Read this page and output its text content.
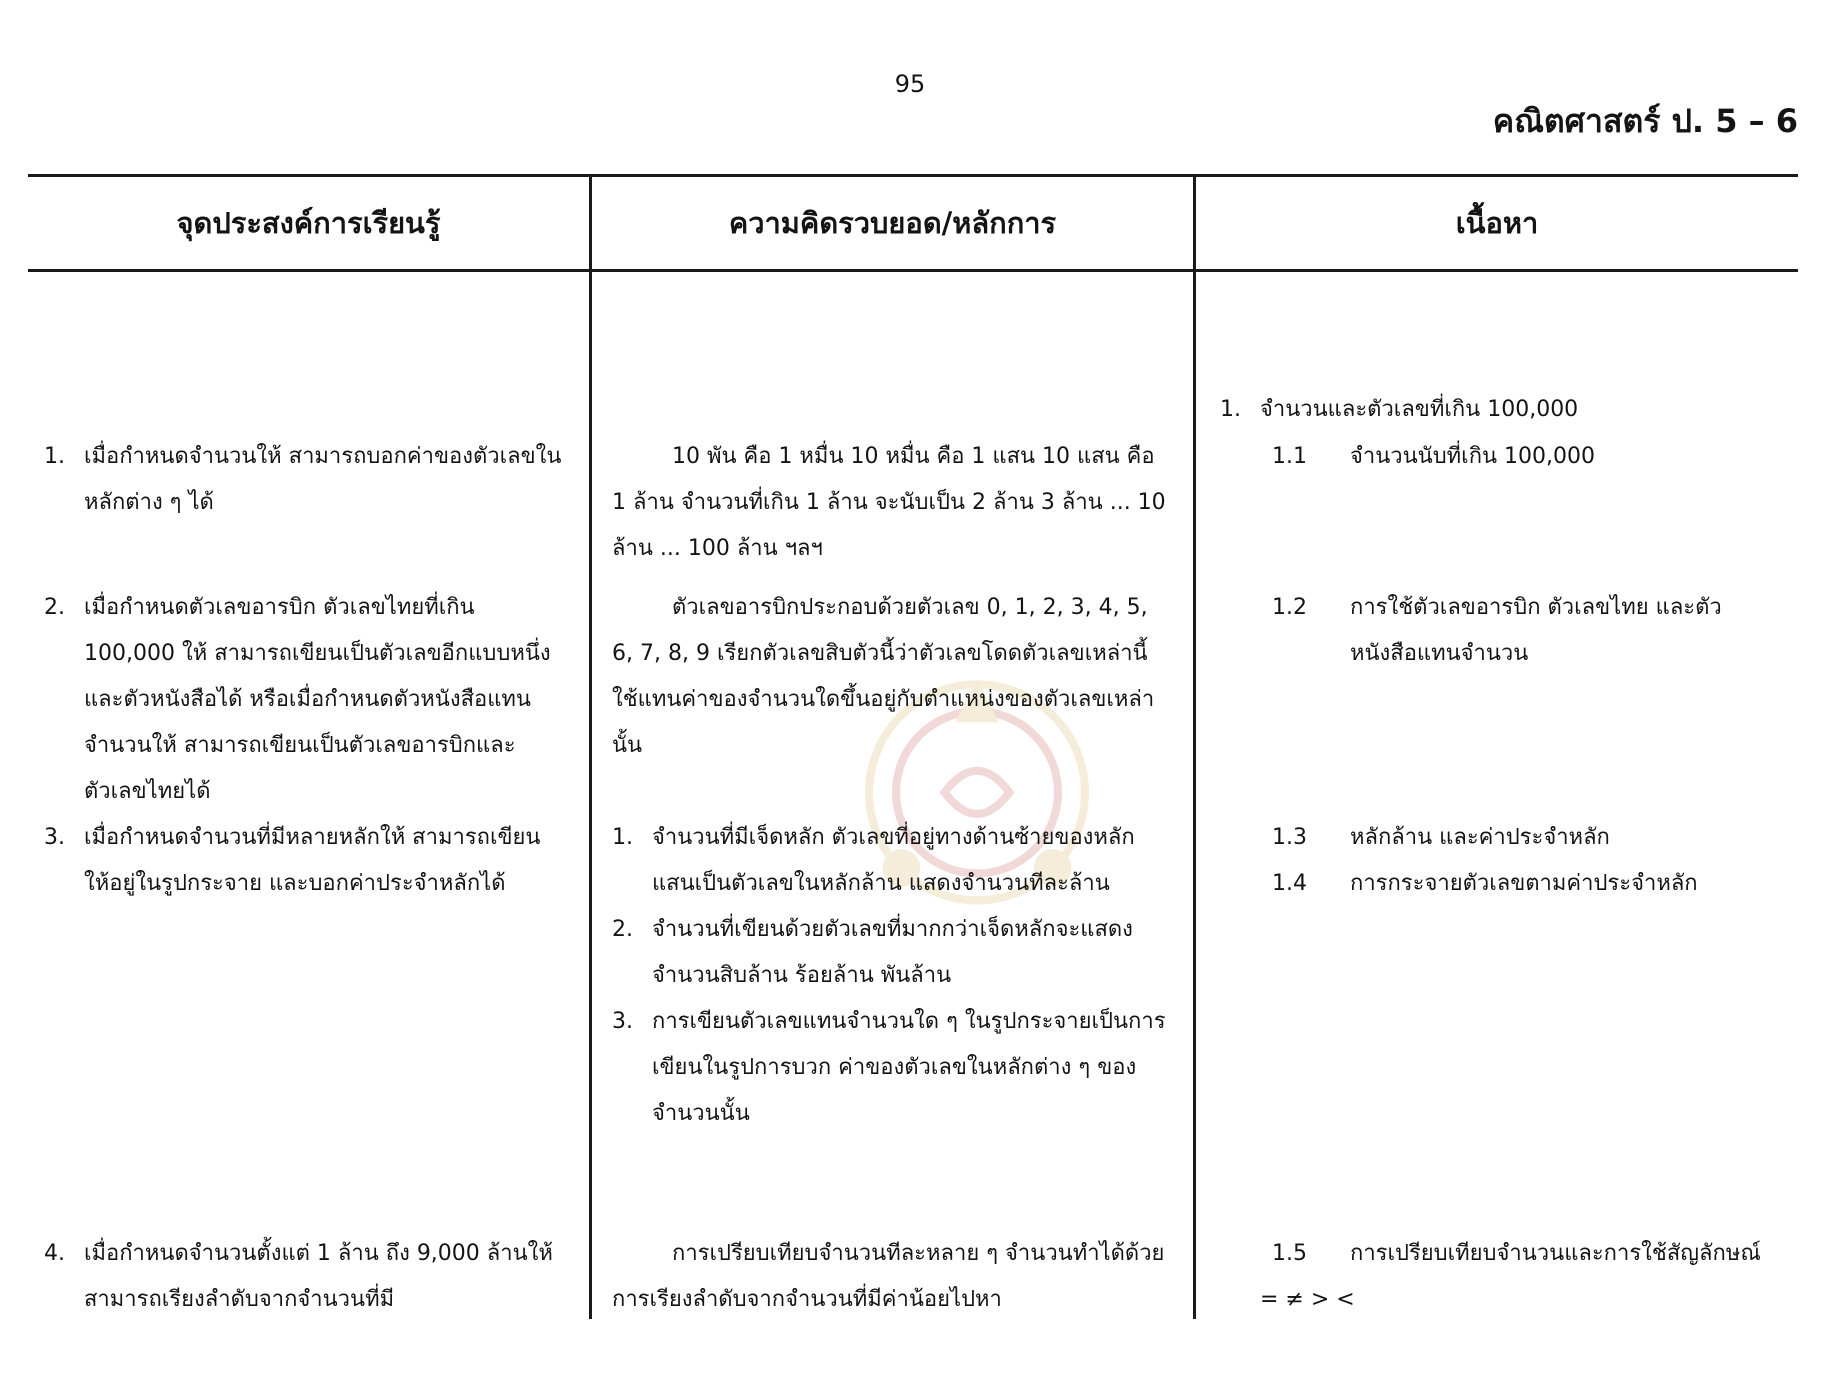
95
คณิตศาสตร์ ป. 5 – 6
จุดประสงค์การเรียนรู้	ความคิดรวบยอด/หลักการ	เนื้อหา
1. เมื่อกำหนดจำนวนให้ สามารถบอกค่าของตัวเลขในหลักต่าง ๆ ได้
2. เมื่อกำหนดตัวเลขอารบิก ตัวเลขไทยที่เกิน 100,000 ให้ สามารถเขียนเป็นตัวเลขอีกแบบหนึ่ง และตัวหนังสือได้ หรือเมื่อกำหนดตัวหนังสือแทนจำนวนให้ สามารถเขียนเป็นตัวเลขอารบิกและตัวเลขไทยได้
3. เมื่อกำหนดจำนวนที่มีหลายหลักให้ สามารถเขียนให้อยู่ในรูปกระจาย และบอกค่าประจำหลักได้
4. เมื่อกำหนดจำนวนตั้งแต่ 1 ล้าน ถึง 9,000 ล้านให้ สามารถเรียงลำดับจากจำนวนที่มี
10 พัน คือ 1 หมื่น 10 หมื่น คือ 1 แสน 10 แสน คือ 1 ล้าน จำนวนที่เกิน 1 ล้าน จะนับเป็น 2 ล้าน 3 ล้าน ... 10 ล้าน ... 100 ล้าน ฯลฯ
ตัวเลขอารบิกประกอบด้วยตัวเลข 0, 1, 2, 3, 4, 5, 6, 7, 8, 9 เรียกตัวเลขสิบตัวนี้ว่าตัวเลขโดดตัวเลขเหล่านี้ใช้แทนค่าของจำนวนใดขึ้นอยู่กับตำแหน่งของตัวเลขเหล่านั้น
1. จำนวนที่มีเจ็ดหลัก ตัวเลขที่อยู่ทางด้านซ้ายของหลักแสนเป็นตัวเลขในหลักล้าน แสดงจำนวนทีละล้าน
2. จำนวนที่เขียนด้วยตัวเลขที่มากกว่าเจ็ดหลักจะแสดงจำนวนสิบล้าน ร้อยล้าน พันล้าน
3. การเขียนตัวเลขแทนจำนวนใด ๆ ในรูปกระจายเป็นการเขียนในรูปการบวก ค่าของตัวเลขในหลักต่าง ๆ ของจำนวนนั้น
การเปรียบเทียบจำนวนทีละหลาย ๆ จำนวนทำได้ด้วยการเรียงลำดับจากจำนวนที่มีค่าน้อยไปหา
1. จำนวนและตัวเลขที่เกิน 100,000
1.1 จำนวนนับที่เกิน 100,000
1.2 การใช้ตัวเลขอารบิก ตัวเลขไทย และตัวหนังสือแทนจำนวน
1.3 หลักล้าน และค่าประจำหลัก
1.4 การกระจายตัวเลขตามค่าประจำหลัก
1.5 การเปรียบเทียบจำนวนและการใช้สัญลักษณ์
= ≠ > <
